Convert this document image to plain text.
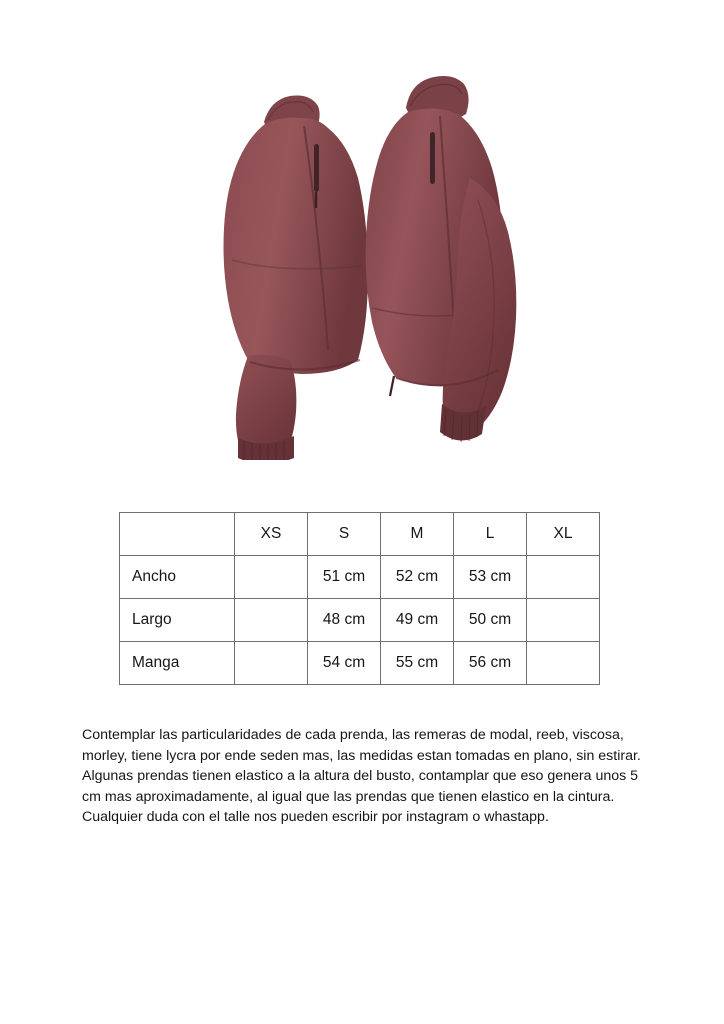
	XS	S	M	L	XL
Ancho		51 cm	52 cm	53 cm	
Largo		48 cm	49 cm	50 cm	
Manga		54 cm	55 cm	56 cm	

Contemplar las particularidades de cada prenda, las remeras de modal, reeb, viscosa, morley, tiene lycra por ende seden mas, las medidas estan tomadas en plano, sin estirar.

Algunas prendas tienen elastico a la altura del busto, contamplar que eso genera unos 5 cm mas aproximadamente, al igual que las prendas que tienen elastico en la cintura.

Cualquier duda con el talle nos pueden escribir por instagram o whastapp.
